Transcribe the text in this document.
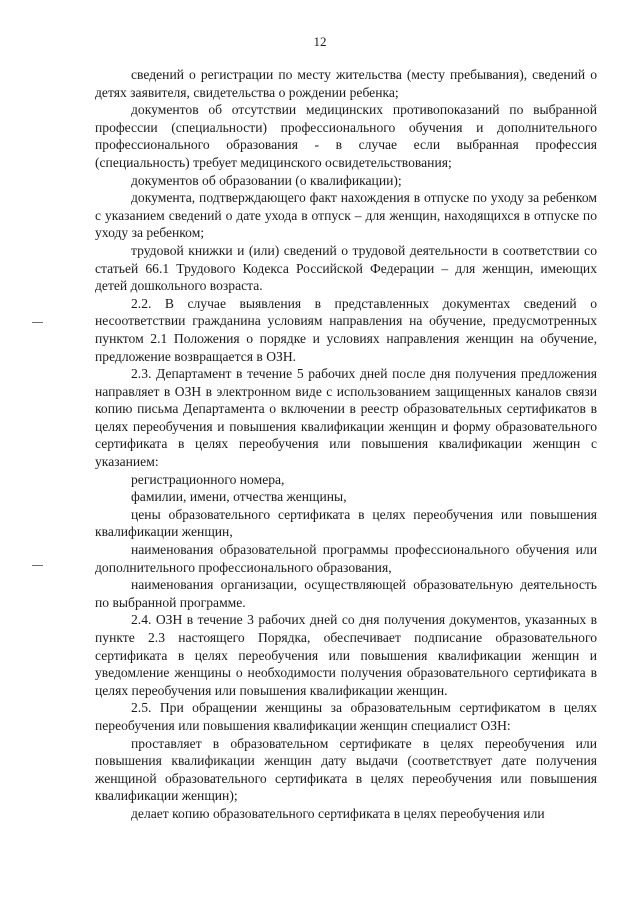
12

сведений о регистрации по месту жительства (месту пребывания), сведений о детях заявителя, свидетельства о рождении ребенка;

документов об отсутствии медицинских противопоказаний по выбранной профессии (специальности) профессионального обучения и дополнительного профессионального образования - в случае если выбранная профессия (специальность) требует медицинского освидетельствования;

документов об образовании (о квалификации);

документа, подтверждающего факт нахождения в отпуске по уходу за ребенком с указанием сведений о дате ухода в отпуск – для женщин, находящихся в отпуске по уходу за ребенком;

трудовой книжки и (или) сведений о трудовой деятельности в соответствии со статьей 66.1 Трудового Кодекса Российской Федерации – для женщин, имеющих детей дошкольного возраста.

2.2. В случае выявления в представленных документах сведений о несоответствии гражданина условиям направления на обучение, предусмотренных пунктом 2.1 Положения о порядке и условиях направления женщин на обучение, предложение возвращается в ОЗН.

2.3. Департамент в течение 5 рабочих дней после дня получения предложения направляет в ОЗН в электронном виде с использованием защищенных каналов связи копию письма Департамента о включении в реестр образовательных сертификатов в целях переобучения и повышения квалификации женщин и форму образовательного сертификата в целях переобучения или повышения квалификации женщин с указанием:

регистрационного номера,

фамилии, имени, отчества женщины,

цены образовательного сертификата в целях переобучения или повышения квалификации женщин,

наименования образовательной программы профессионального обучения или дополнительного профессионального образования,

наименования организации, осуществляющей образовательную деятельность по выбранной программе.

2.4. ОЗН в течение 3 рабочих дней со дня получения документов, указанных в пункте 2.3 настоящего Порядка, обеспечивает подписание образовательного сертификата в целях переобучения или повышения квалификации женщин и уведомление женщины о необходимости получения образовательного сертификата в целях переобучения или повышения квалификации женщин.

2.5. При обращении женщины за образовательным сертификатом в целях переобучения или повышения квалификации женщин специалист ОЗН:

проставляет в образовательном сертификате в целях переобучения или повышения квалификации женщин дату выдачи (соответствует дате получения женщиной образовательного сертификата в целях переобучения или повышения квалификации женщин);

делает копию образовательного сертификата в целях переобучения или
